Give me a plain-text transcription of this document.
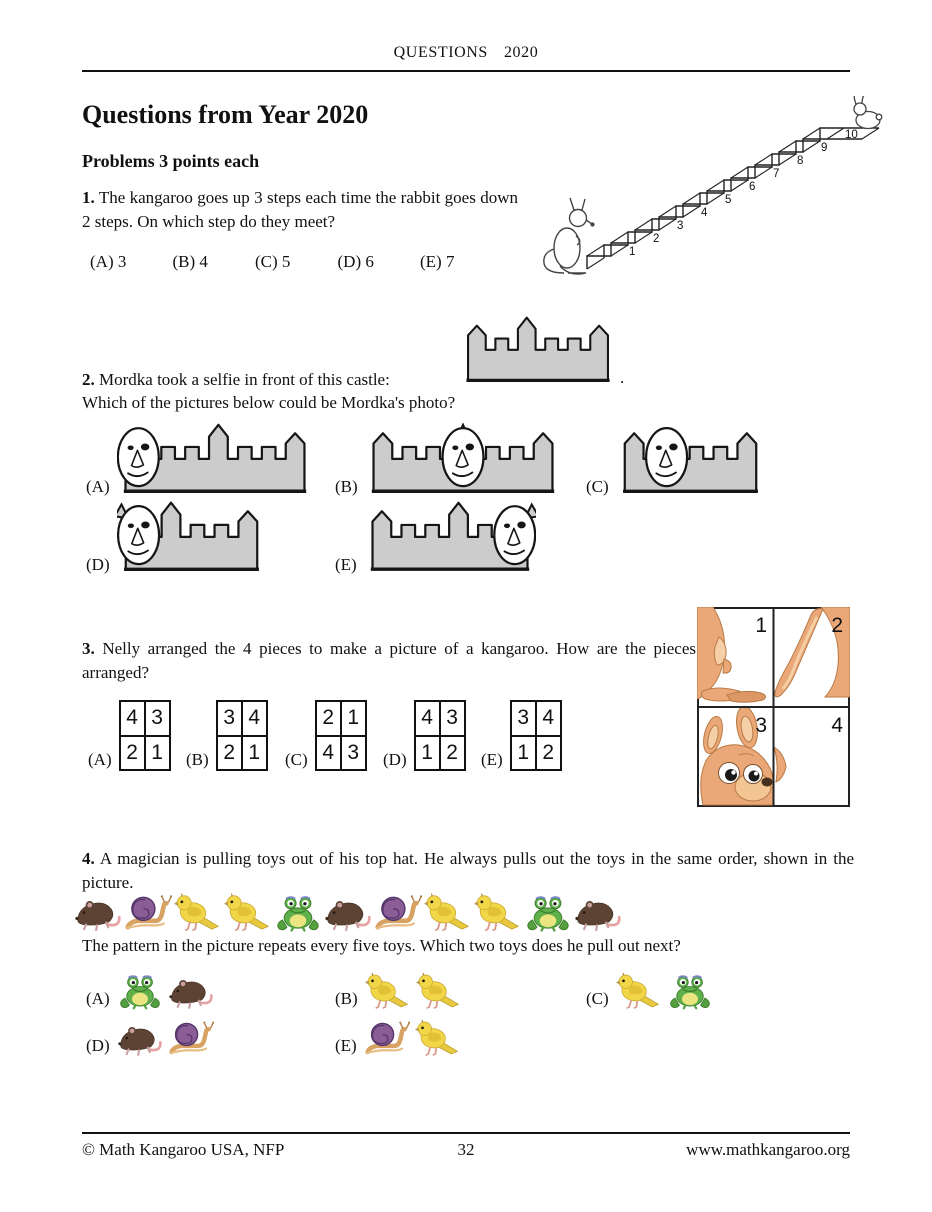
QUESTIONS 2020
Questions from Year 2020
Problems 3 points each

1. The kangaroo goes up 3 steps each time the rabbit goes down 2 steps. On which step do they meet?

(A) 3	(B) 4	(C) 5	(D) 6	(E) 7	1
2
3
4
5
6
7
8
9
10

2. Mordka took a selfie in front of this castle:	.

Which of the pictures below could be Mordka's photo?

(A)	(B)	(C)
(D)	(E)

3. Nelly arranged the 4 pieces to make a picture of a kangaroo. How are the pieces arranged?

(A)
4 3
2 1	(B)
3 4
2 1	(C)
2 1
4 3	(D)
4 3
1 2	(E)
3 4
1 2
1	2
3	4

4. A magician is pulling toys out of his top hat. He always pulls out the toys in the same order, shown in the picture.

The pattern in the picture repeats every five toys. Which two toys does he pull out next?

(A)	(B)	(C)
(D)	(E)
© Math Kangaroo USA, NFP	32	www.mathkangaroo.org
